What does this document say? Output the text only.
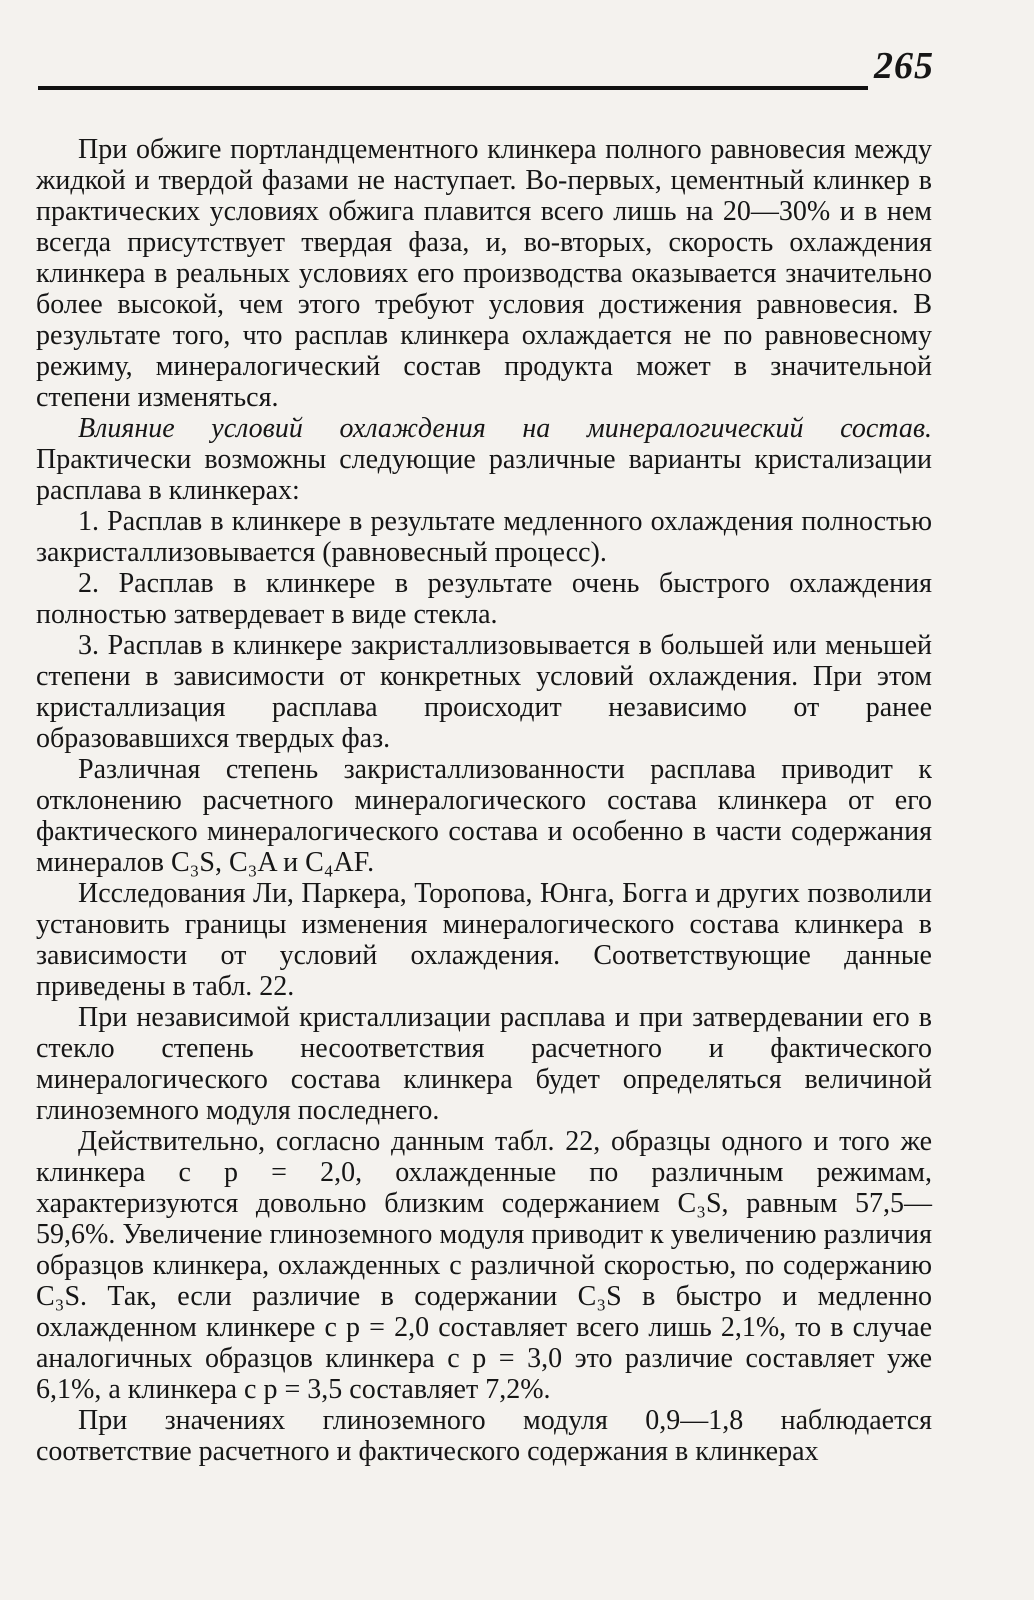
265

При обжиге портландцементного клинкера полного равновесия между жидкой и твердой фазами не наступает. Во-первых, цементный клинкер в практических условиях обжига плавится всего лишь на 20—30% и в нем всегда присутствует твердая фаза, и, во-вторых, скорость охлаждения клинкера в реальных условиях его производства оказывается значительно более высокой, чем этого требуют условия достижения равновесия. В результате того, что расплав клинкера охлаждается не по равновесному режиму, минералогический состав продукта может в значительной степени изменяться.

Влияние условий охлаждения на минералогический состав. Практически возможны следующие различные варианты кристализации расплава в клинкерах:

1. Расплав в клинкере в результате медленного охлаждения полностью закристаллизовывается (равновесный процесс).

2. Расплав в клинкере в результате очень быстрого охлаждения полностью затвердевает в виде стекла.

3. Расплав в клинкере закристаллизовывается в большей или меньшей степени в зависимости от конкретных условий охлаждения. При этом кристаллизация расплава происходит независимо от ранее образовавшихся твердых фаз.

Различная степень закристаллизованности расплава приводит к отклонению расчетного минералогического состава клинкера от его фактического минералогического состава и особенно в части содержания минералов C₃S, C₃A и C₄AF.

Исследования Ли, Паркера, Торопова, Юнга, Богга и других позволили установить границы изменения минералогического состава клинкера в зависимости от условий охлаждения. Соответствующие данные приведены в табл. 22.

При независимой кристаллизации расплава и при затвердевании его в стекло степень несоответствия расчетного и фактического минералогического состава клинкера будет определяться величиной глиноземного модуля последнего.

Действительно, согласно данным табл. 22, образцы одного и того же клинкера с p = 2,0, охлажденные по различным режимам, характеризуются довольно близким содержанием C₃S, равным 57,5—59,6%. Увеличение глиноземного модуля приводит к увеличению различия образцов клинкера, охлажденных с различной скоростью, по содержанию C₃S. Так, если различие в содержании C₃S в быстро и медленно охлажденном клинкере с p = 2,0 составляет всего лишь 2,1%, то в случае аналогичных образцов клинкера с p = 3,0 это различие составляет уже 6,1%, а клинкера с p = 3,5 составляет 7,2%.

При значениях глиноземного модуля 0,9—1,8 наблюдается соответствие расчетного и фактического содержания в клинкерах
